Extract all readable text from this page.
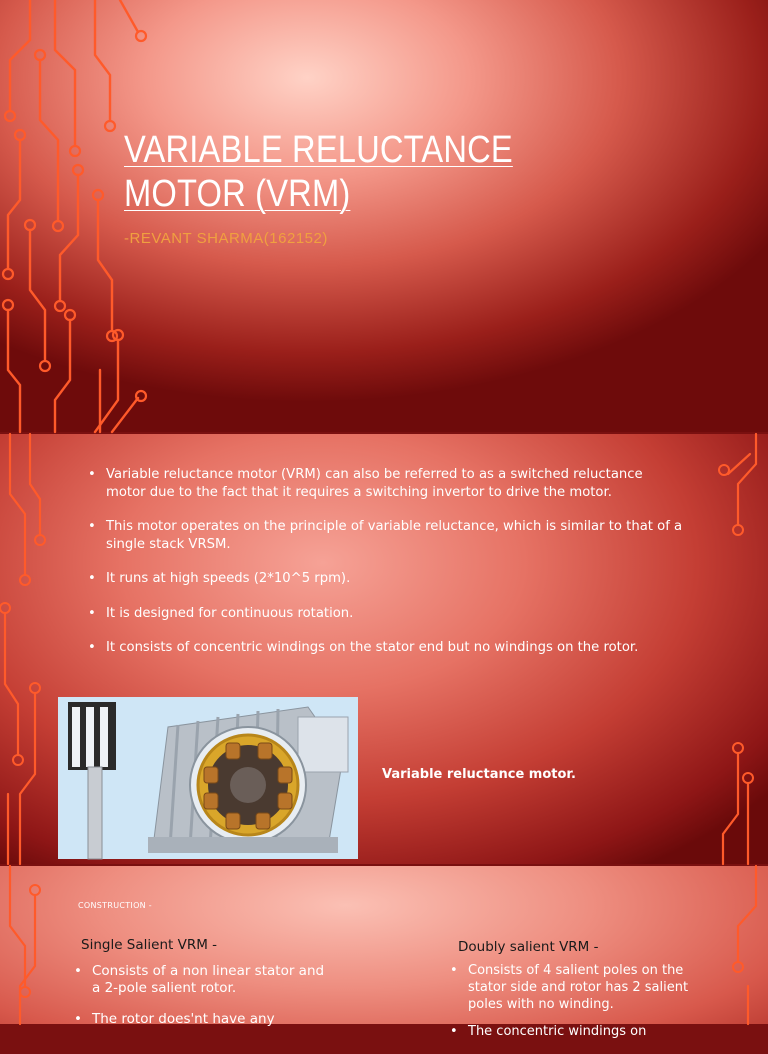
VARIABLE RELUCTANCE MOTOR (VRM)
-REVANT SHARMA(162152)
• Variable reluctance motor (VRM) can also be referred to as a switched reluctance motor due to the fact that it requires a switching invertor to drive the motor.
• This motor operates on the principle of variable reluctance, which is similar to that of a single stack VRSM.
• It runs at high speeds (2*10^5 rpm).
• It is designed for continuous rotation.
• It consists of concentric windings on the stator end but no windings on the rotor.
Variable reluctance motor.
CONSTRUCTION -
Single Salient VRM -
• Consists of a non linear stator and a 2-pole salient rotor.
• The rotor does'nt have any
Doubly salient VRM -
• Consists of 4 salient poles on the stator side and rotor has 2 salient poles with no winding.
• The concentric windings on
